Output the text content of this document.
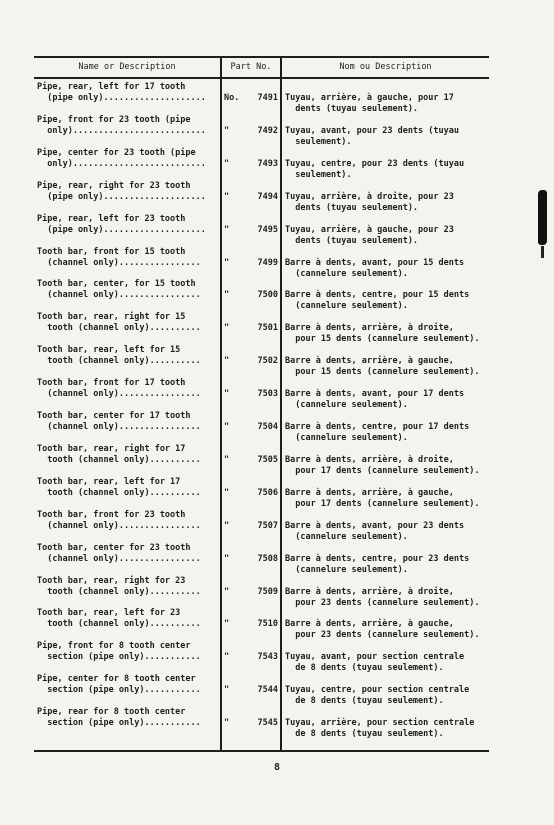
Name or Description	Part No.	Nom ou Description
Pipe, rear, left for 17 tooth
(pipe only)....................	No.	7491 Tuyau, arrière, à gauche, pour 17
dents (tuyau seulement).
Pipe, front for 23 tooth (pipe
only)..........................	"	7492 Tuyau, avant, pour 23 dents (tuyau
seulement).
Pipe, center for 23 tooth (pipe
only)..........................	"	7493 Tuyau, centre, pour 23 dents (tuyau
seulement).
Pipe, rear, right for 23 tooth
(pipe only)....................	"	7494 Tuyau, arrière, à droite, pour 23
dents (tuyau seulement).
Pipe, rear, left for 23 tooth
(pipe only)....................	"	7495 Tuyau, arrière, à gauche, pour 23
dents (tuyau seulement).
Tooth bar, front for 15 tooth
(channel only)................	"	7499 Barre à dents, avant, pour 15 dents
(cannelure seulement).
Tooth bar, center, for 15 tooth
(channel only)................	"	7500 Barre à dents, centre, pour 15 dents
(cannelure seulement).
Tooth bar, rear, right for 15
tooth (channel only)..........	"	7501 Barre à dents, arrière, à droite,
pour 15 dents (cannelure seulement).
Tooth bar, rear, left for 15
tooth (channel only)..........	"	7502 Barre à dents, arrière, à gauche,
pour 15 dents (cannelure seulement).
Tooth bar, front for 17 tooth
(channel only)................	"	7503 Barre à dents, avant, pour 17 dents
(cannelure seulement).
Tooth bar, center for 17 tooth
(channel only)................	"	7504 Barre à dents, centre, pour 17 dents
(cannelure seulement).
Tooth bar, rear, right for 17
tooth (channel only)..........	"	7505 Barre à dents, arrière, à droite,
pour 17 dents (cannelure seulement).
Tooth bar, rear, left for 17
tooth (channel only)..........	"	7506 Barre à dents, arrière, à gauche,
pour 17 dents (cannelure seulement).
Tooth bar, front for 23 tooth
(channel only)................	"	7507 Barre à dents, avant, pour 23 dents
(cannelure seulement).
Tooth bar, center for 23 tooth
(channel only)................	"	7508 Barre à dents, centre, pour 23 dents
(cannelure seulement).
Tooth bar, rear, right for 23
tooth (channel only)..........	"	7509 Barre à dents, arrière, à droite,
pour 23 dents (cannelure seulement).
Tooth bar, rear, left for 23
tooth (channel only)..........	"	7510 Barre à dents, arrière, à gauche,
pour 23 dents (cannelure seulement).
Pipe, front for 8 tooth center
section (pipe only)...........	"	7543 Tuyau, avant, pour section centrale
de 8 dents (tuyau seulement).
Pipe, center for 8 tooth center
section (pipe only)...........	"	7544 Tuyau, centre, pour section centrale
de 8 dents (tuyau seulement).
Pipe, rear for 8 tooth center
section (pipe only)...........	"	7545 Tuyau, arrière, pour section centrale
de 8 dents (tuyau seulement).
8
